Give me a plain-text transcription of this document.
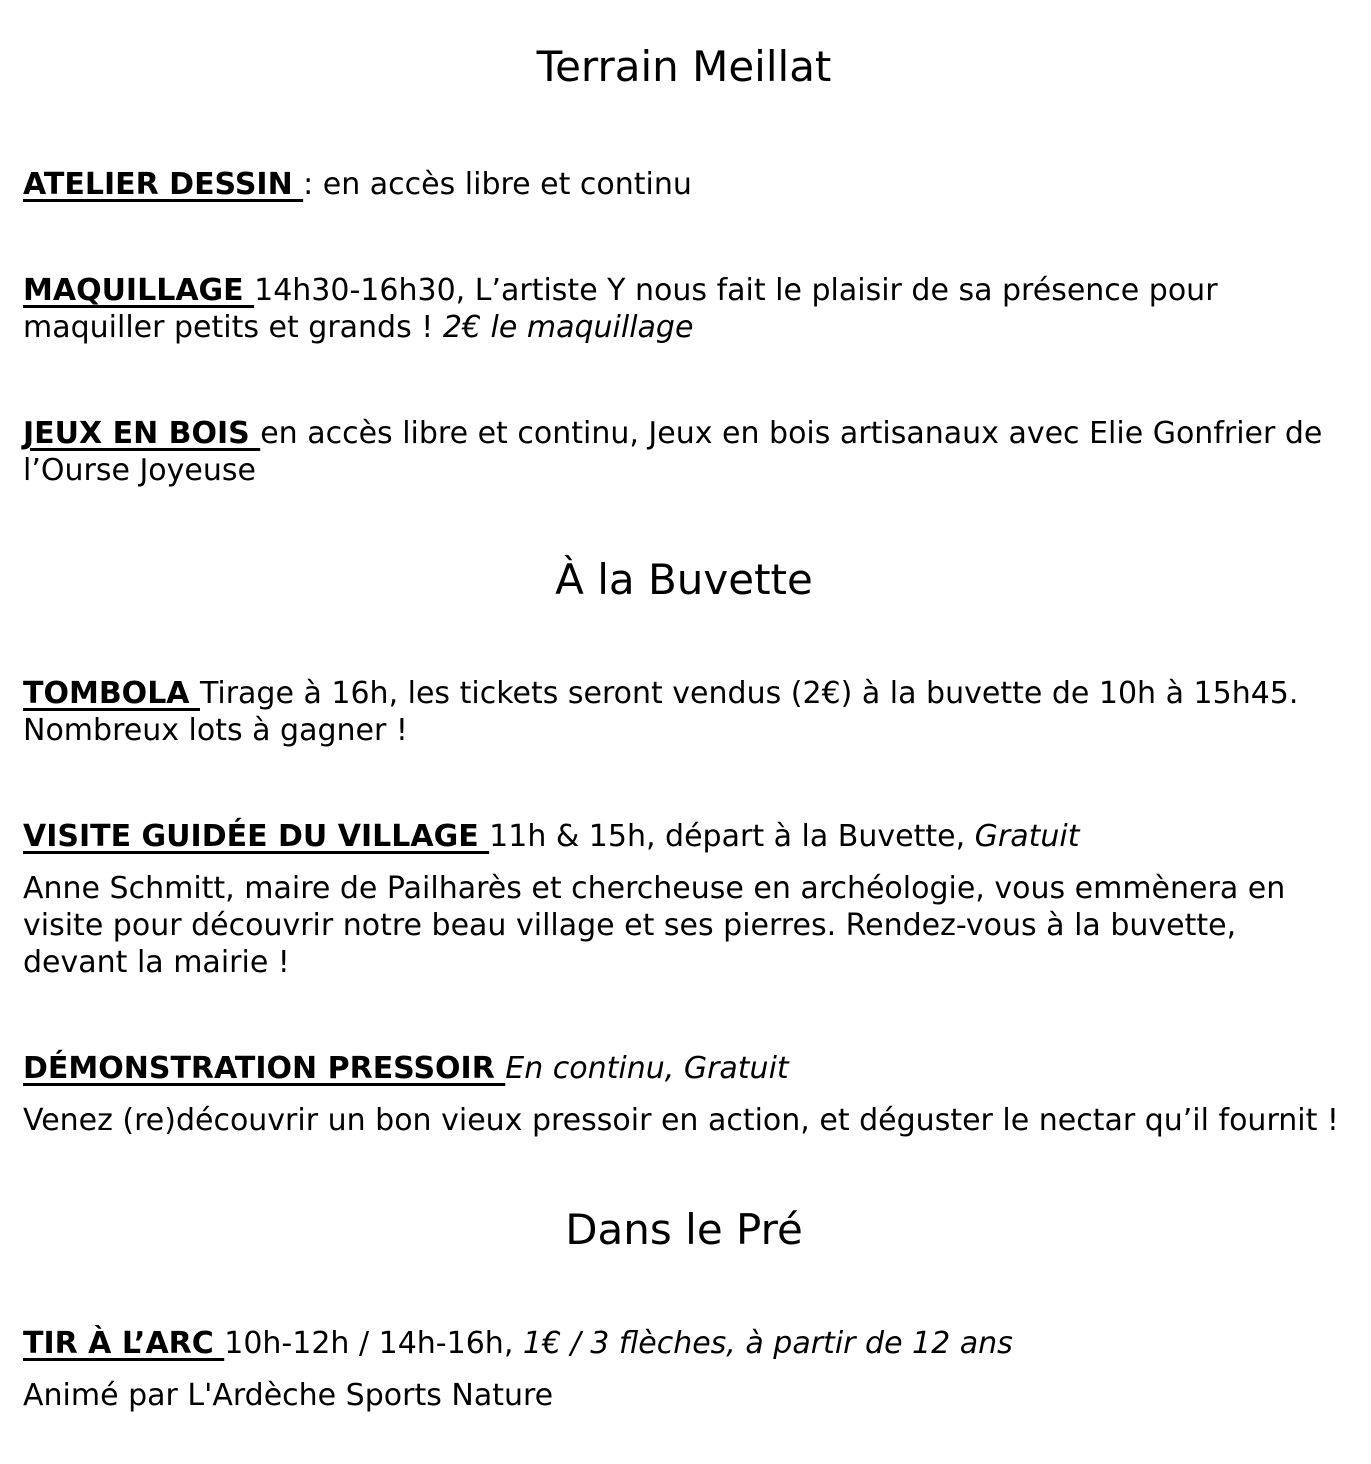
Terrain Meillat

ATELIER DESSIN : en accès libre et continu

MAQUILLAGE 14h30-16h30, L’artiste Y nous fait le plaisir de sa présence pour maquiller petits et grands ! 2€ le maquillage

JEUX EN BOIS en accès libre et continu, Jeux en bois artisanaux avec Elie Gonfrier de l’Ourse Joyeuse

À la Buvette

TOMBOLA Tirage à 16h, les tickets seront vendus (2€) à la buvette de 10h à 15h45. Nombreux lots à gagner !

VISITE GUIDÉE DU VILLAGE 11h & 15h, départ à la Buvette, Gratuit

Anne Schmitt, maire de Pailharès et chercheuse en archéologie, vous emmènera en visite pour découvrir notre beau village et ses pierres. Rendez-vous à la buvette, devant la mairie !

DÉMONSTRATION PRESSOIR En continu, Gratuit

Venez (re)découvrir un bon vieux pressoir en action, et déguster le nectar qu’il fournit !

Dans le Pré

TIR À L’ARC 10h-12h / 14h-16h, 1€ / 3 flèches, à partir de 12 ans

Animé par L'Ardèche Sports Nature
